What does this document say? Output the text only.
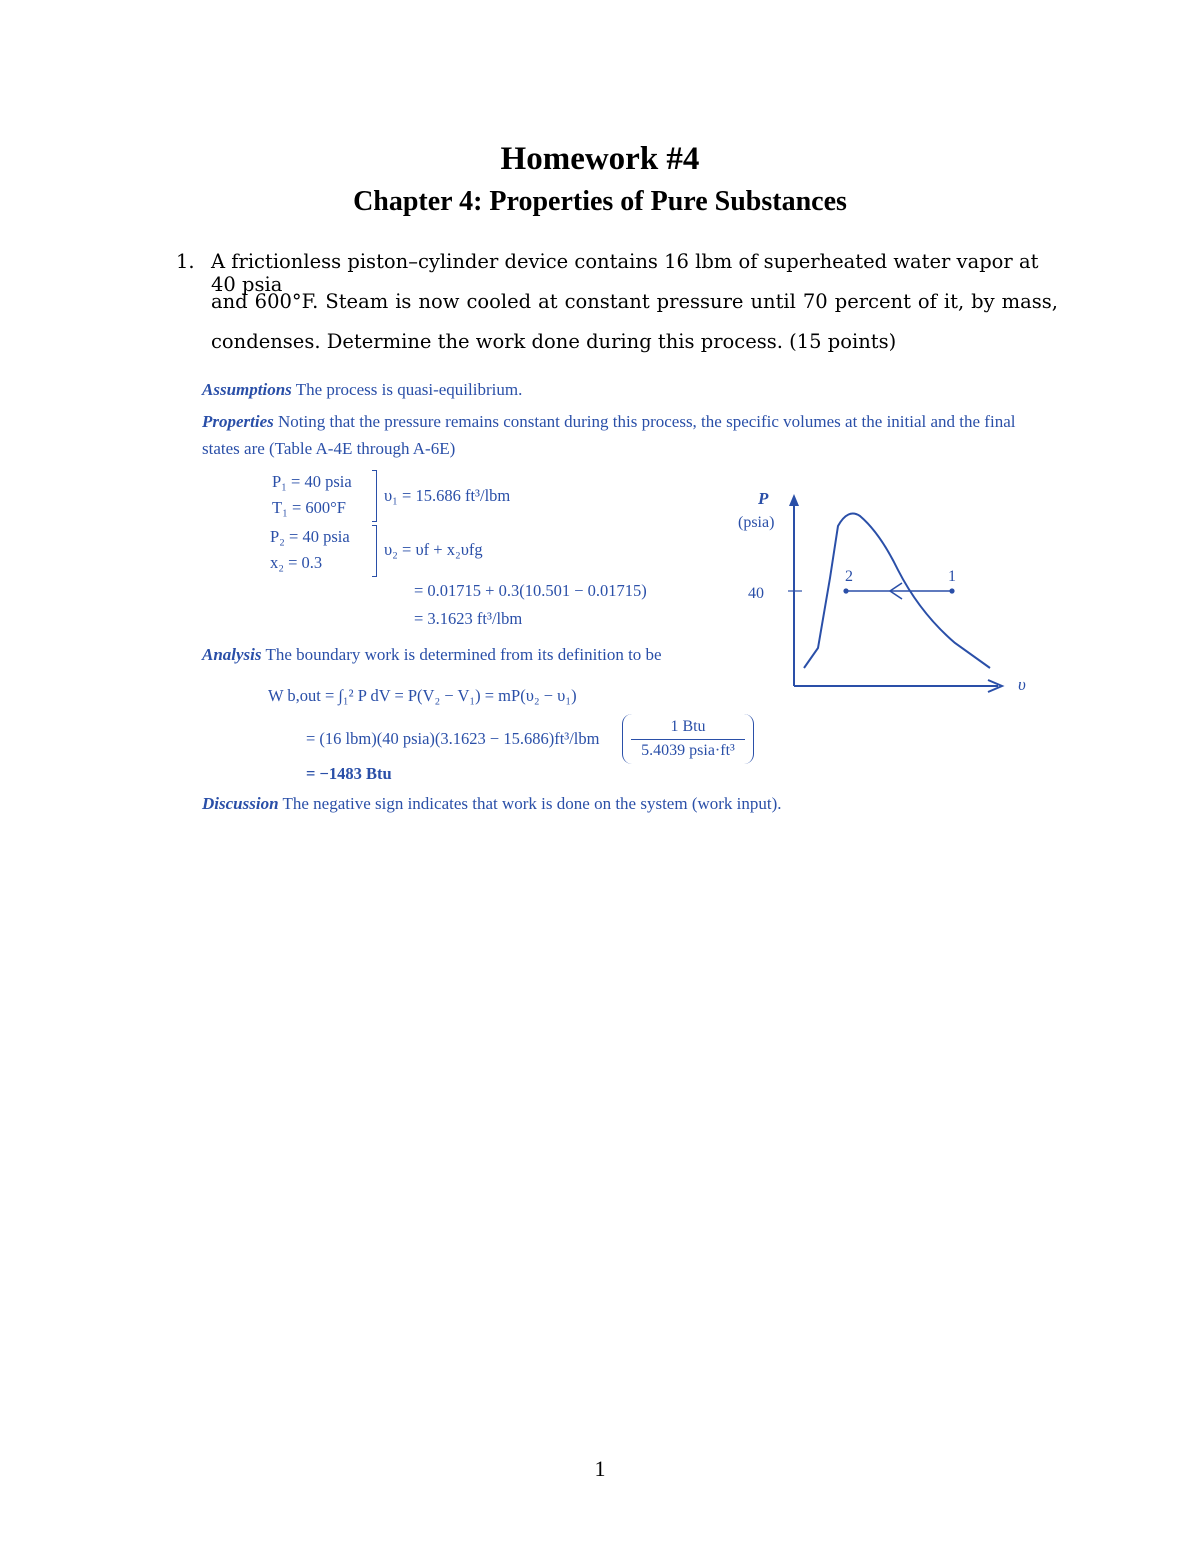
Homework #4
Chapter 4: Properties of Pure Substances
1. A frictionless piston–cylinder device contains 16 lbm of superheated water vapor at 40 psia
and 600°F. Steam is now cooled at constant pressure until 70 percent of it, by mass,
condenses. Determine the work done during this process. (15 points)
Assumptions The process is quasi-equilibrium.
Properties Noting that the pressure remains constant during this process, the specific volumes at the initial and the final
states are (Table A-4E through A-6E)
P₁ = 40 psia
T₁ = 600°F
υ₁ = 15.686 ft³/lbm
P₂ = 40 psia
x₂ = 0.3
υ₂ = υf + x₂υfg
= 0.01715 + 0.3(10.501 − 0.01715)
= 3.1623 ft³/lbm
Analysis The boundary work is determined from its definition to be
W b,out = ∫₁² P dV = P(V₂ − V₁) = mP(υ₂ − υ₁)
= (16 lbm)(40 psia)(3.1623 − 15.686)ft³/lbm
1 Btu
5.4039 psia·ft³
= −1483 Btu
Discussion The negative sign indicates that work is done on the system (work input).
P
(psia)
40
2	1
υ
1
